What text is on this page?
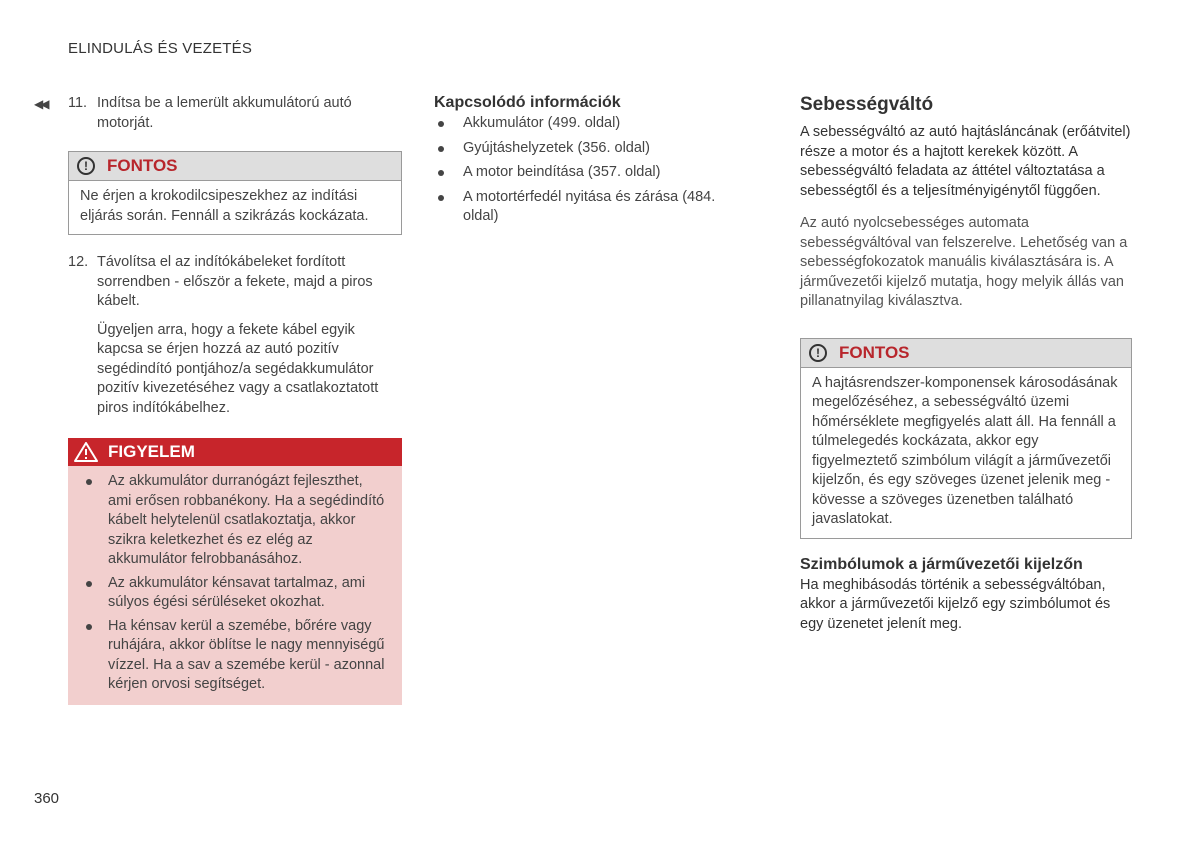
ELINDULÁS ÉS VEZETÉS
◀◀ 11. Indítsa be a lemerült akkumulátorú autó motorját.

!	FONTOS
Ne érjen a krokodilcsipeszekhez az indítási eljárás során. Fennáll a szikrázás kockázata.
12. Távolítsa el az indítókábeleket fordított sorrendben - először a fekete, majd a piros kábelt.

Ügyeljen arra, hogy a fekete kábel egyik kapcsa se érjen hozzá az autó pozitív segédindító pontjához/a segédakkumulátor pozitív kivezetéséhez vagy a csatlakoztatott piros indítókábelhez.

FIGYELEM
Az akkumulátor durranógázt fejleszthet, ami erősen robbanékony. Ha a segédindító kábelt helytelenül csatlakoztatja, akkor szikra keletkezhet és ez elég az akkumulátor felrobbanásához.
Az akkumulátor kénsavat tartalmaz, ami súlyos égési sérüléseket okozhat.
Ha kénsav kerül a szemébe, bőrére vagy ruhájára, akkor öblítse le nagy mennyiségű vízzel. Ha a sav a szemébe kerül - azonnal kérjen orvosi segítséget.
Kapcsolódó információk
Akkumulátor (499. oldal)
Gyújtáshelyzetek (356. oldal)
A motor beindítása (357. oldal)
A motortérfedél nyitása és zárása (484. oldal)
Sebességváltó

A sebességváltó az autó hajtásláncának (erőátvitel) része a motor és a hajtott kerekek között. A sebességváltó feladata az áttétel változtatása a sebességtől és a teljesítményigénytől függően.

Az autó nyolcsebességes automata sebességváltóval van felszerelve. Lehetőség van a sebességfokozatok manuális kiválasztására is. A járművezetői kijelző mutatja, hogy melyik állás van pillanatnyilag kiválasztva.

!	FONTOS
A hajtásrendszer-komponensek károsodásának megelőzéséhez, a sebességváltó üzemi hőmérséklete megfigyelés alatt áll. Ha fennáll a túlmelegedés kockázata, akkor egy figyelmeztető szimbólum világít a járművezetői kijelzőn, és egy szöveges üzenet jelenik meg - kövesse a szöveges üzenetben található javaslatokat.
Szimbólumok a járművezetői kijelzőn

Ha meghibásodás történik a sebességváltóban, akkor a járművezetői kijelző egy szimbólumot és egy üzenetet jelenít meg.

360
